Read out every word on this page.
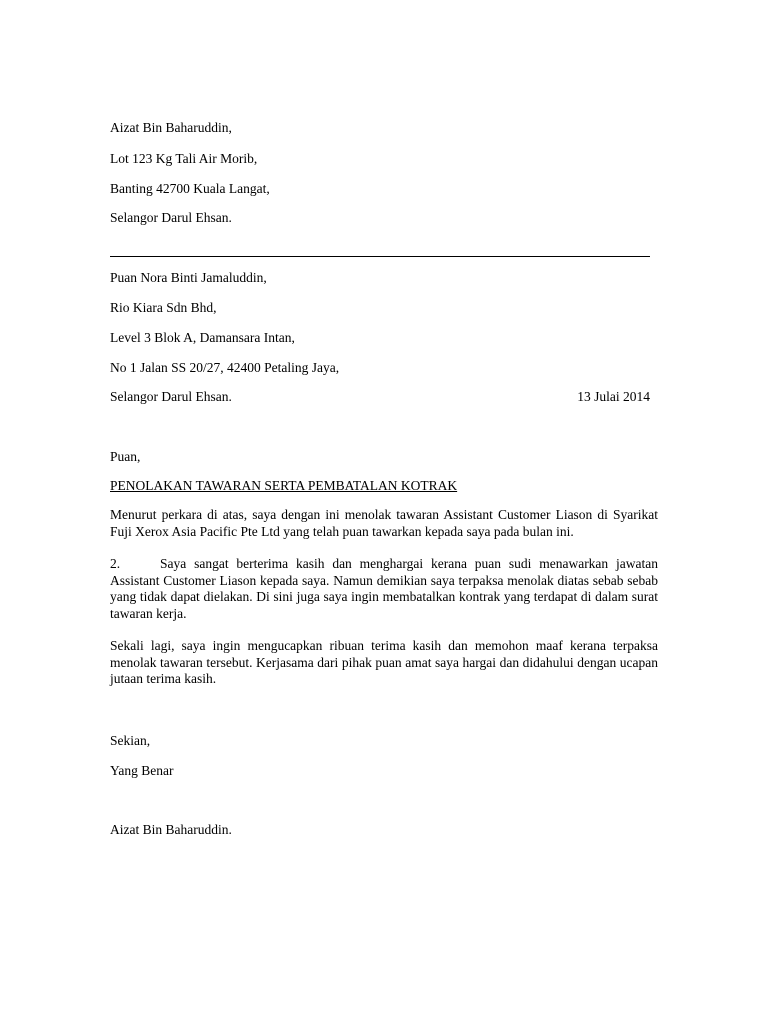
Aizat Bin Baharuddin,
Lot 123 Kg Tali Air Morib,
Banting 42700 Kuala Langat,
Selangor Darul Ehsan.
Puan Nora Binti Jamaluddin,
Rio Kiara Sdn Bhd,
Level 3 Blok A, Damansara Intan,
No 1 Jalan SS 20/27, 42400 Petaling Jaya,
Selangor Darul Ehsan.	13 Julai 2014
Puan,
PENOLAKAN TAWARAN SERTA PEMBATALAN KOTRAK
Menurut perkara di atas, saya dengan ini menolak tawaran Assistant Customer Liason di Syarikat Fuji Xerox Asia Pacific Pte Ltd yang telah puan tawarkan kepada saya pada bulan ini.
2.	Saya sangat berterima kasih dan menghargai kerana puan sudi menawarkan jawatan Assistant Customer Liason kepada saya. Namun demikian saya terpaksa menolak diatas sebab sebab yang tidak dapat dielakan. Di sini juga saya ingin membatalkan kontrak yang terdapat di dalam surat tawaran kerja.
Sekali lagi, saya ingin mengucapkan ribuan terima kasih dan memohon maaf kerana terpaksa menolak tawaran tersebut. Kerjasama dari pihak puan amat saya hargai dan didahului dengan ucapan jutaan terima kasih.
Sekian,
Yang Benar
Aizat Bin Baharuddin.
